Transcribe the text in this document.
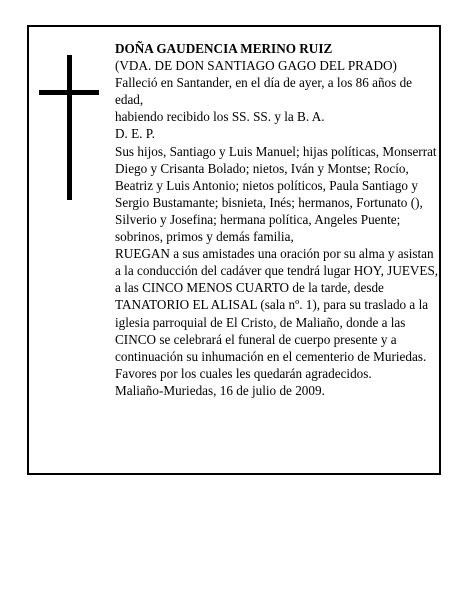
DOÑA GAUDENCIA MERINO RUIZ

(VDA. DE DON SANTIAGO GAGO DEL PRADO)

Falleció en Santander, en el día de ayer, a los 86 años de edad,

habiendo recibido los SS. SS. y la B. A.

D. E. P.

Sus hijos, Santiago y Luis Manuel; hijas políticas, Monserrat Diego y Crisanta Bolado; nietos, Iván y Montse; Rocío, Beatriz y Luis Antonio; nietos políticos, Paula Santiago y Sergio Bustamante; bisnieta, Inés; hermanos, Fortunato (), Silverio y Josefina; hermana política, Angeles Puente; sobrinos, primos y demás familia,

RUEGAN a sus amistades una oración por su alma y asistan a la conducción del cadáver que tendrá lugar HOY, JUEVES, a las CINCO MENOS CUARTO de la tarde, desde TANATORIO EL ALISAL (sala nº. 1), para su traslado a la iglesia parroquial de El Cristo, de Maliaño, donde a las CINCO se celebrará el funeral de cuerpo presente y a continuación su inhumación en el cementerio de Muriedas. Favores por los cuales les quedarán agradecidos.

Maliaño-Muriedas, 16 de julio de 2009.
